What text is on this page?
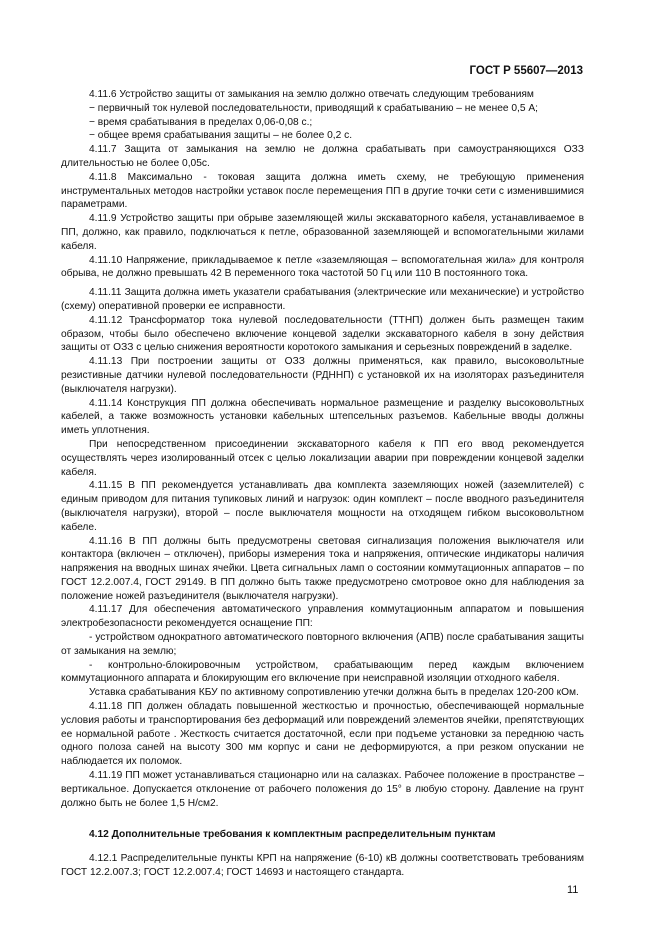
ГОСТ Р 55607—2013

4.11.6 Устройство защиты от замыкания на землю должно отвечать следующим требованиям

− первичный ток нулевой последовательности, приводящий к срабатыванию – не менее 0,5 А;

− время срабатывания в пределах 0,06-0,08 с.;

− общее время срабатывания защиты – не более 0,2 с.

4.11.7 Защита от замыкания на землю не должна срабатывать при самоустраняющихся ОЗЗ длительностью не более 0,05с.

4.11.8 Максимально - токовая защита должна иметь схему, не требующую применения инструментальных методов настройки уставок после перемещения ПП в другие точки сети с изменившимися параметрами.

4.11.9 Устройство защиты при обрыве заземляющей жилы экскаваторного кабеля, устанавливаемое в ПП, должно, как правило, подключаться к петле, образованной заземляющей и вспомогательными жилами кабеля.

4.11.10 Напряжение, прикладываемое к петле «заземляющая – вспомогательная жила» для контроля обрыва, не должно превышать 42 В переменного тока частотой 50 Гц или 110 В постоянного тока.

4.11.11 Защита должна иметь указатели срабатывания (электрические или механические) и устройство (схему) оперативной проверки ее исправности.

4.11.12 Трансформатор тока нулевой последовательности (ТТНП) должен быть размещен таким образом, чтобы было обеспечено включение концевой заделки экскаваторного кабеля в зону действия защиты от ОЗЗ с целью снижения вероятности коротокого замыкания и серьезных повреждений в заделке.

4.11.13 При построении защиты от ОЗЗ должны применяться, как правило, высоковольтные резистивные датчики нулевой последовательности (РДННП) с установкой их на изоляторах разъединителя (выключателя нагрузки).

4.11.14 Конструкция ПП должна обеспечивать нормальное размещение и разделку высоковольтных кабелей, а также возможность установки кабельных штепсельных разъемов. Кабельные вводы должны иметь уплотнения.

При непосредственном присоединении экскаваторного кабеля к ПП его ввод рекомендуется осуществлять через изолированный отсек с целью локализации аварии при повреждении концевой заделки кабеля.

4.11.15 В ПП рекомендуется устанавливать два комплекта заземляющих ножей (заземлителей) с единым приводом для питания тупиковых линий и нагрузок: один комплект – после вводного разъединителя (выключателя нагрузки), второй – после выключателя мощности на отходящем гибком высоковольтном кабеле.

4.11.16 В ПП должны быть предусмотрены световая сигнализация положения выключателя или контактора (включен – отключен), приборы измерения тока и напряжения, оптические индикаторы наличия напряжения на вводных шинах ячейки. Цвета сигнальных ламп о состоянии коммутационных аппаратов – по ГОСТ 12.2.007.4, ГОСТ 29149. В ПП должно быть также предусмотрено смотровое окно для наблюдения за положение ножей разъединителя (выключателя нагрузки).

4.11.17 Для обеспечения автоматического управления коммутационным аппаратом и повышения электробезопасности рекомендуется оснащение ПП:

- устройством однократного автоматического повторного включения (АПВ) после срабатывания защиты от замыкания на землю;

- контрольно-блокировочным устройством, срабатывающим перед каждым включением коммутационного аппарата и блокирующим его включение при неисправной изоляции отходного кабеля.

Уставка срабатывания КБУ по активному сопротивлению утечки должна быть в пределах 120-200 кОм.

4.11.18 ПП должен обладать повышенной жесткостью и прочностью, обеспечивающей нормальные условия работы и транспортирования без деформаций или повреждений элементов ячейки, препятствующих ее нормальной работе . Жесткость считается достаточной, если при подъеме установки за переднюю часть одного полоза саней на высоту 300 мм корпус и сани не деформируются, а при резком опускании не наблюдается их поломок.

4.11.19 ПП может устанавливаться стационарно или на салазках. Рабочее положение в пространстве – вертикальное. Допускается отклонение от рабочего положения до 15° в любую сторону. Давление на грунт должно быть не более 1,5 Н/см2.

4.12 Дополнительные требования к комплектным распределительным пунктам

4.12.1 Распределительные пункты КРП на напряжение (6-10) кВ должны соответствовать требованиям ГОСТ 12.2.007.3; ГОСТ 12.2.007.4; ГОСТ 14693 и настоящего стандарта.

11
